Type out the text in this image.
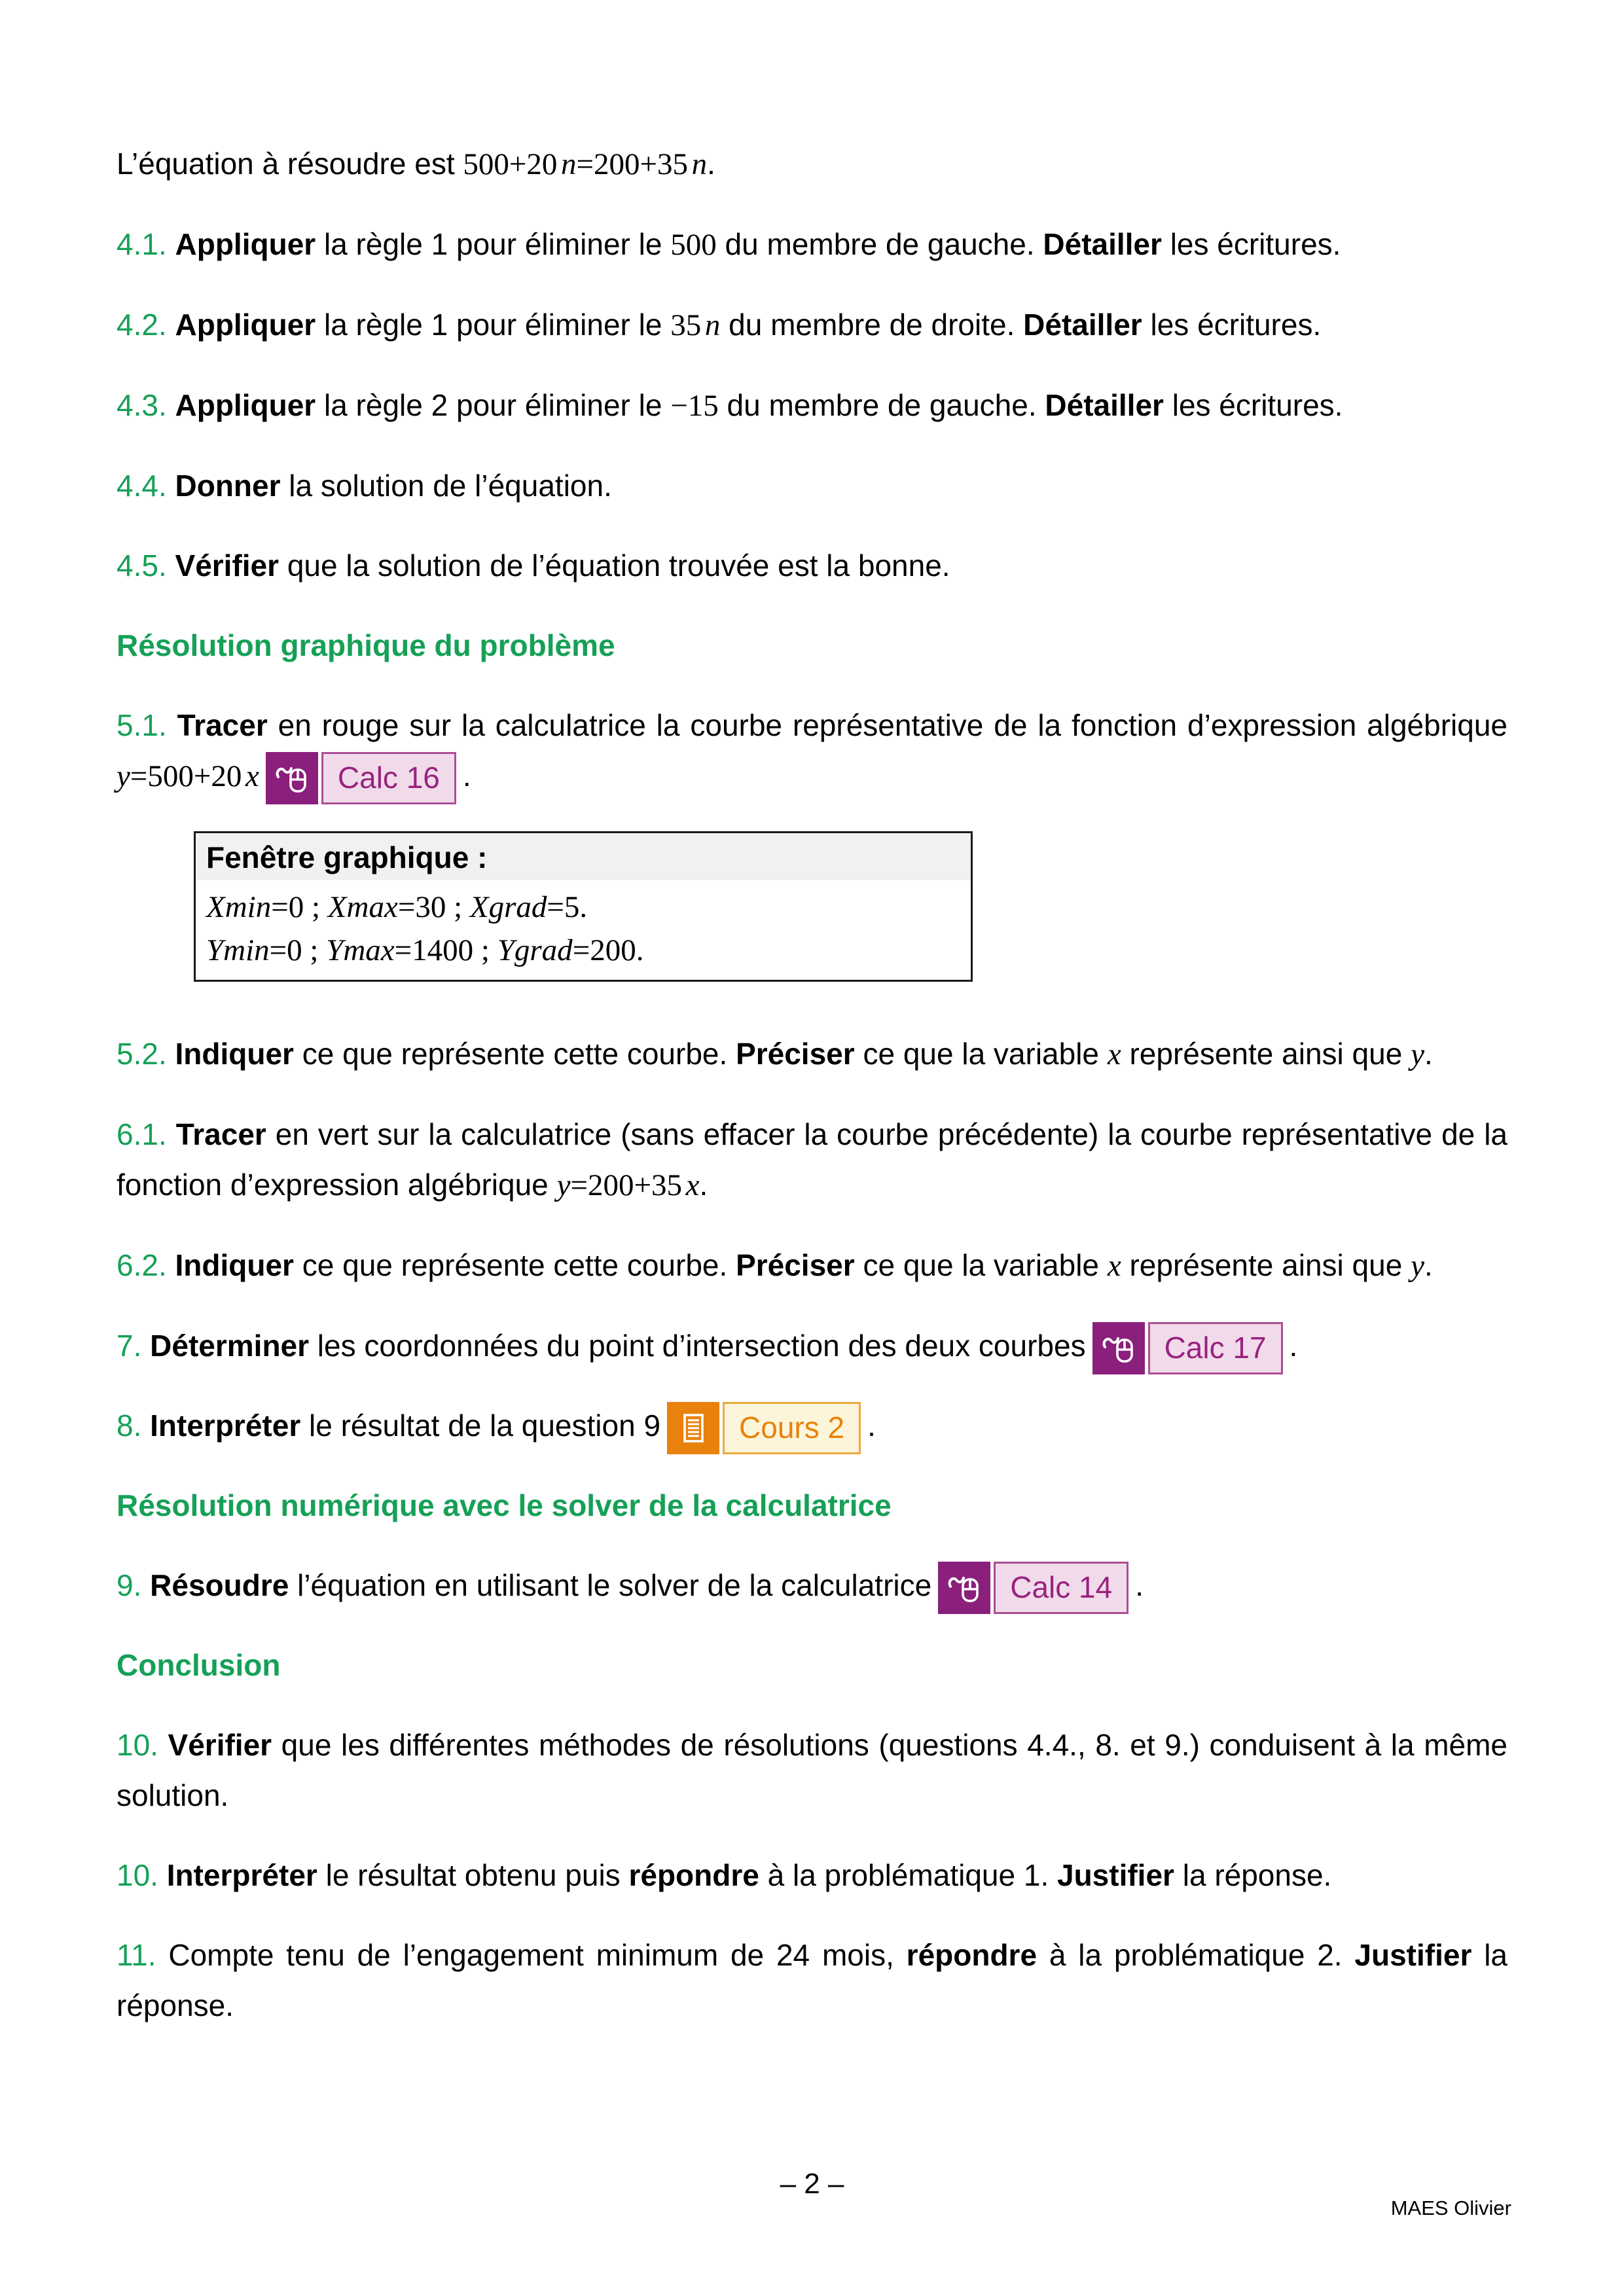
L’équation à résoudre est 500+20 n=200+35 n.

4.1. Appliquer la règle 1 pour éliminer le 500 du membre de gauche. Détailler les écritures.

4.2. Appliquer la règle 1 pour éliminer le 35 n du membre de droite. Détailler les écritures.

4.3. Appliquer la règle 2 pour éliminer le −15 du membre de gauche. Détailler les écritures.

4.4. Donner la solution de l’équation.

4.5. Vérifier que la solution de l’équation trouvée est la bonne.

Résolution graphique du problème

5.1. Tracer en rouge sur la calculatrice la courbe représentative de la fonction d’expression algébrique y=500+20 x	Calc 16 .

Fenêtre graphique :
Xmin=0 ; Xmax=30 ; Xgrad=5.
Ymin=0 ; Ymax=1400 ; Ygrad=200.

5.2. Indiquer ce que représente cette courbe. Préciser ce que la variable x représente ainsi que y.

6.1. Tracer en vert sur la calculatrice (sans effacer la courbe précédente) la courbe représentative de la fonction d’expression algébrique y=200+35 x.

6.2. Indiquer ce que représente cette courbe. Préciser ce que la variable x représente ainsi que y.

7. Déterminer les coordonnées du point d’intersection des deux courbes	Calc 17 .

8. Interpréter le résultat de la question 9	Cours 2 .

Résolution numérique avec le solver de la calculatrice

9. Résoudre l’équation en utilisant le solver de la calculatrice	Calc 14 .

Conclusion

10. Vérifier que les différentes méthodes de résolutions (questions 4.4., 8. et 9.) conduisent à la même solution.

10. Interpréter le résultat obtenu puis répondre à la problématique 1. Justifier la réponse.

11. Compte tenu de l’engagement minimum de 24 mois, répondre à la problématique 2. Justifier la réponse.

– 2 –
MAES Olivier
